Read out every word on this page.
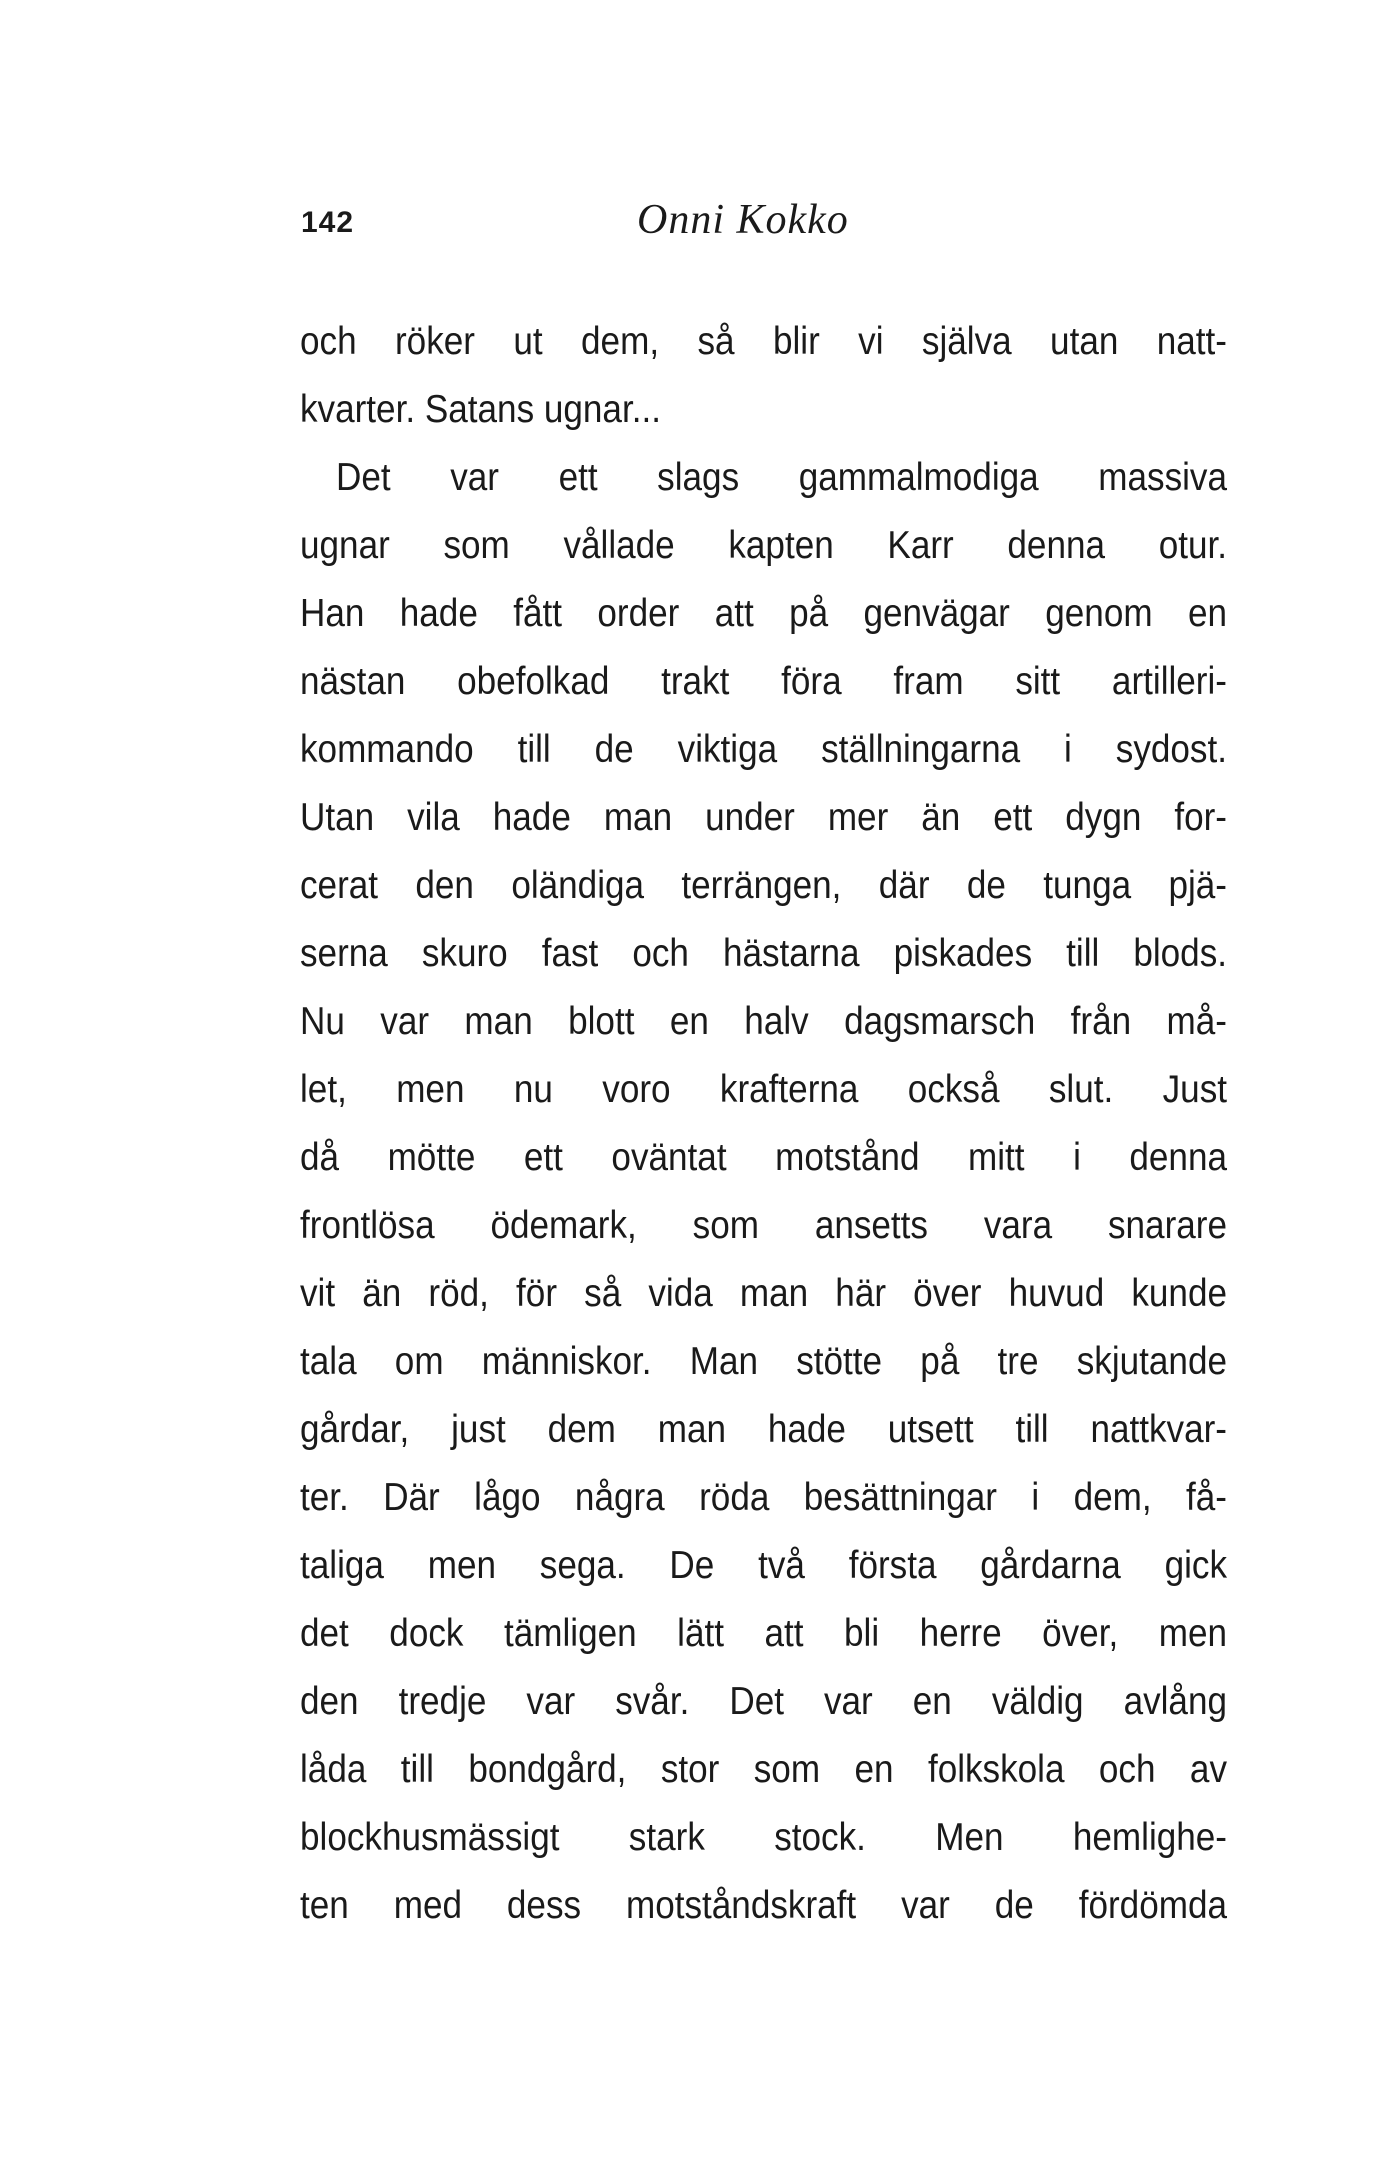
142	Onni Kokko
och röker ut dem, så blir vi själva utan natt-
kvarter. Satans ugnar...
Det var ett slags gammalmodiga massiva
ugnar som vållade kapten Karr denna otur.
Han hade fått order att på genvägar genom en
nästan obefolkad trakt föra fram sitt artilleri-
kommando till de viktiga ställningarna i sydost.
Utan vila hade man under mer än ett dygn for-
cerat den oländiga terrängen, där de tunga pjä-
serna skuro fast och hästarna piskades till blods.
Nu var man blott en halv dagsmarsch från må-
let, men nu voro krafterna också slut. Just
då mötte ett oväntat motstånd mitt i denna
frontlösa ödemark, som ansetts vara snarare
vit än röd, för så vida man här över huvud kunde
tala om människor. Man stötte på tre skjutande
gårdar, just dem man hade utsett till nattkvar-
ter. Där lågo några röda besättningar i dem, få-
taliga men sega. De två första gårdarna gick
det dock tämligen lätt att bli herre över, men
den tredje var svår. Det var en väldig avlång
låda till bondgård, stor som en folkskola och av
blockhusmässigt stark stock. Men hemlighe-
ten med dess motståndskraft var de fördömda
